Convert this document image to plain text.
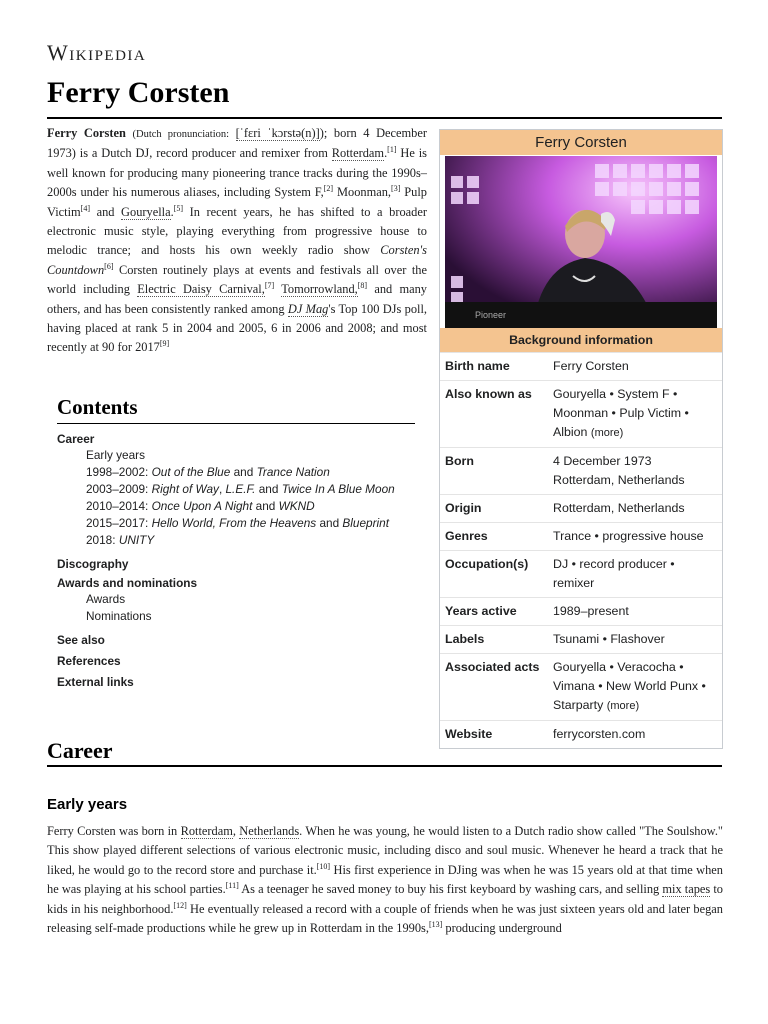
Wikipedia
Ferry Corsten

Ferry Corsten (Dutch pronunciation: [ˈfɛri ˈkɔrstə(n)]); born 4 December 1973) is a Dutch DJ, record producer and remixer from Rotterdam.[1] He is well known for producing many pioneering trance tracks during the 1990s–2000s under his numerous aliases, including System F,[2] Moonman,[3] Pulp Victim[4] and Gouryella.[5] In recent years, he has shifted to a broader electronic music style, playing everything from progressive house to melodic trance; and hosts his own weekly radio show Corsten's Countdown[6] Corsten routinely plays at events and festivals all over the world including Electric Daisy Carnival,[7] Tomorrowland,[8] and many others, and has been consistently ranked among DJ Mag's Top 100 DJs poll, having placed at rank 5 in 2004 and 2005, 6 in 2006 and 2008; and most recently at 90 for 2017[9]

Ferry Corsten
Pioneer
Background information
Birth name	Ferry Corsten
Also known as	Gouryella • System F • Moonman • Pulp Victim • Albion (more)
Born	4 December 1973
Rotterdam, Netherlands
Origin	Rotterdam, Netherlands
Genres	Trance • progressive house
Occupation(s)	DJ • record producer • remixer
Years active	1989–present
Labels	Tsunami • Flashover
Associated acts	Gouryella • Veracocha • Vimana • New World Punx • Starparty (more)
Website	ferrycorsten.com
Contents
Career
Early years
1998–2002: Out of the Blue and Trance Nation
2003–2009: Right of Way, L.E.F. and Twice In A Blue Moon
2010–2014: Once Upon A Night and WKND
2015–2017: Hello World, From the Heavens and Blueprint
2018: UNITY
Discography
Awards and nominations
Awards
Nominations
See also
References
External links
Career
Early years

Ferry Corsten was born in Rotterdam, Netherlands. When he was young, he would listen to a Dutch radio show called "The Soulshow." This show played different selections of various electronic music, including disco and soul music. Whenever he heard a track that he liked, he would go to the record store and purchase it.[10] His first experience in DJing was when he was 15 years old at that time when he was playing at his school parties.[11] As a teenager he saved money to buy his first keyboard by washing cars, and selling mix tapes to kids in his neighborhood.[12] He eventually released a record with a couple of friends when he was just sixteen years old and later began releasing self-made productions while he grew up in Rotterdam in the 1990s,[13] producing underground
